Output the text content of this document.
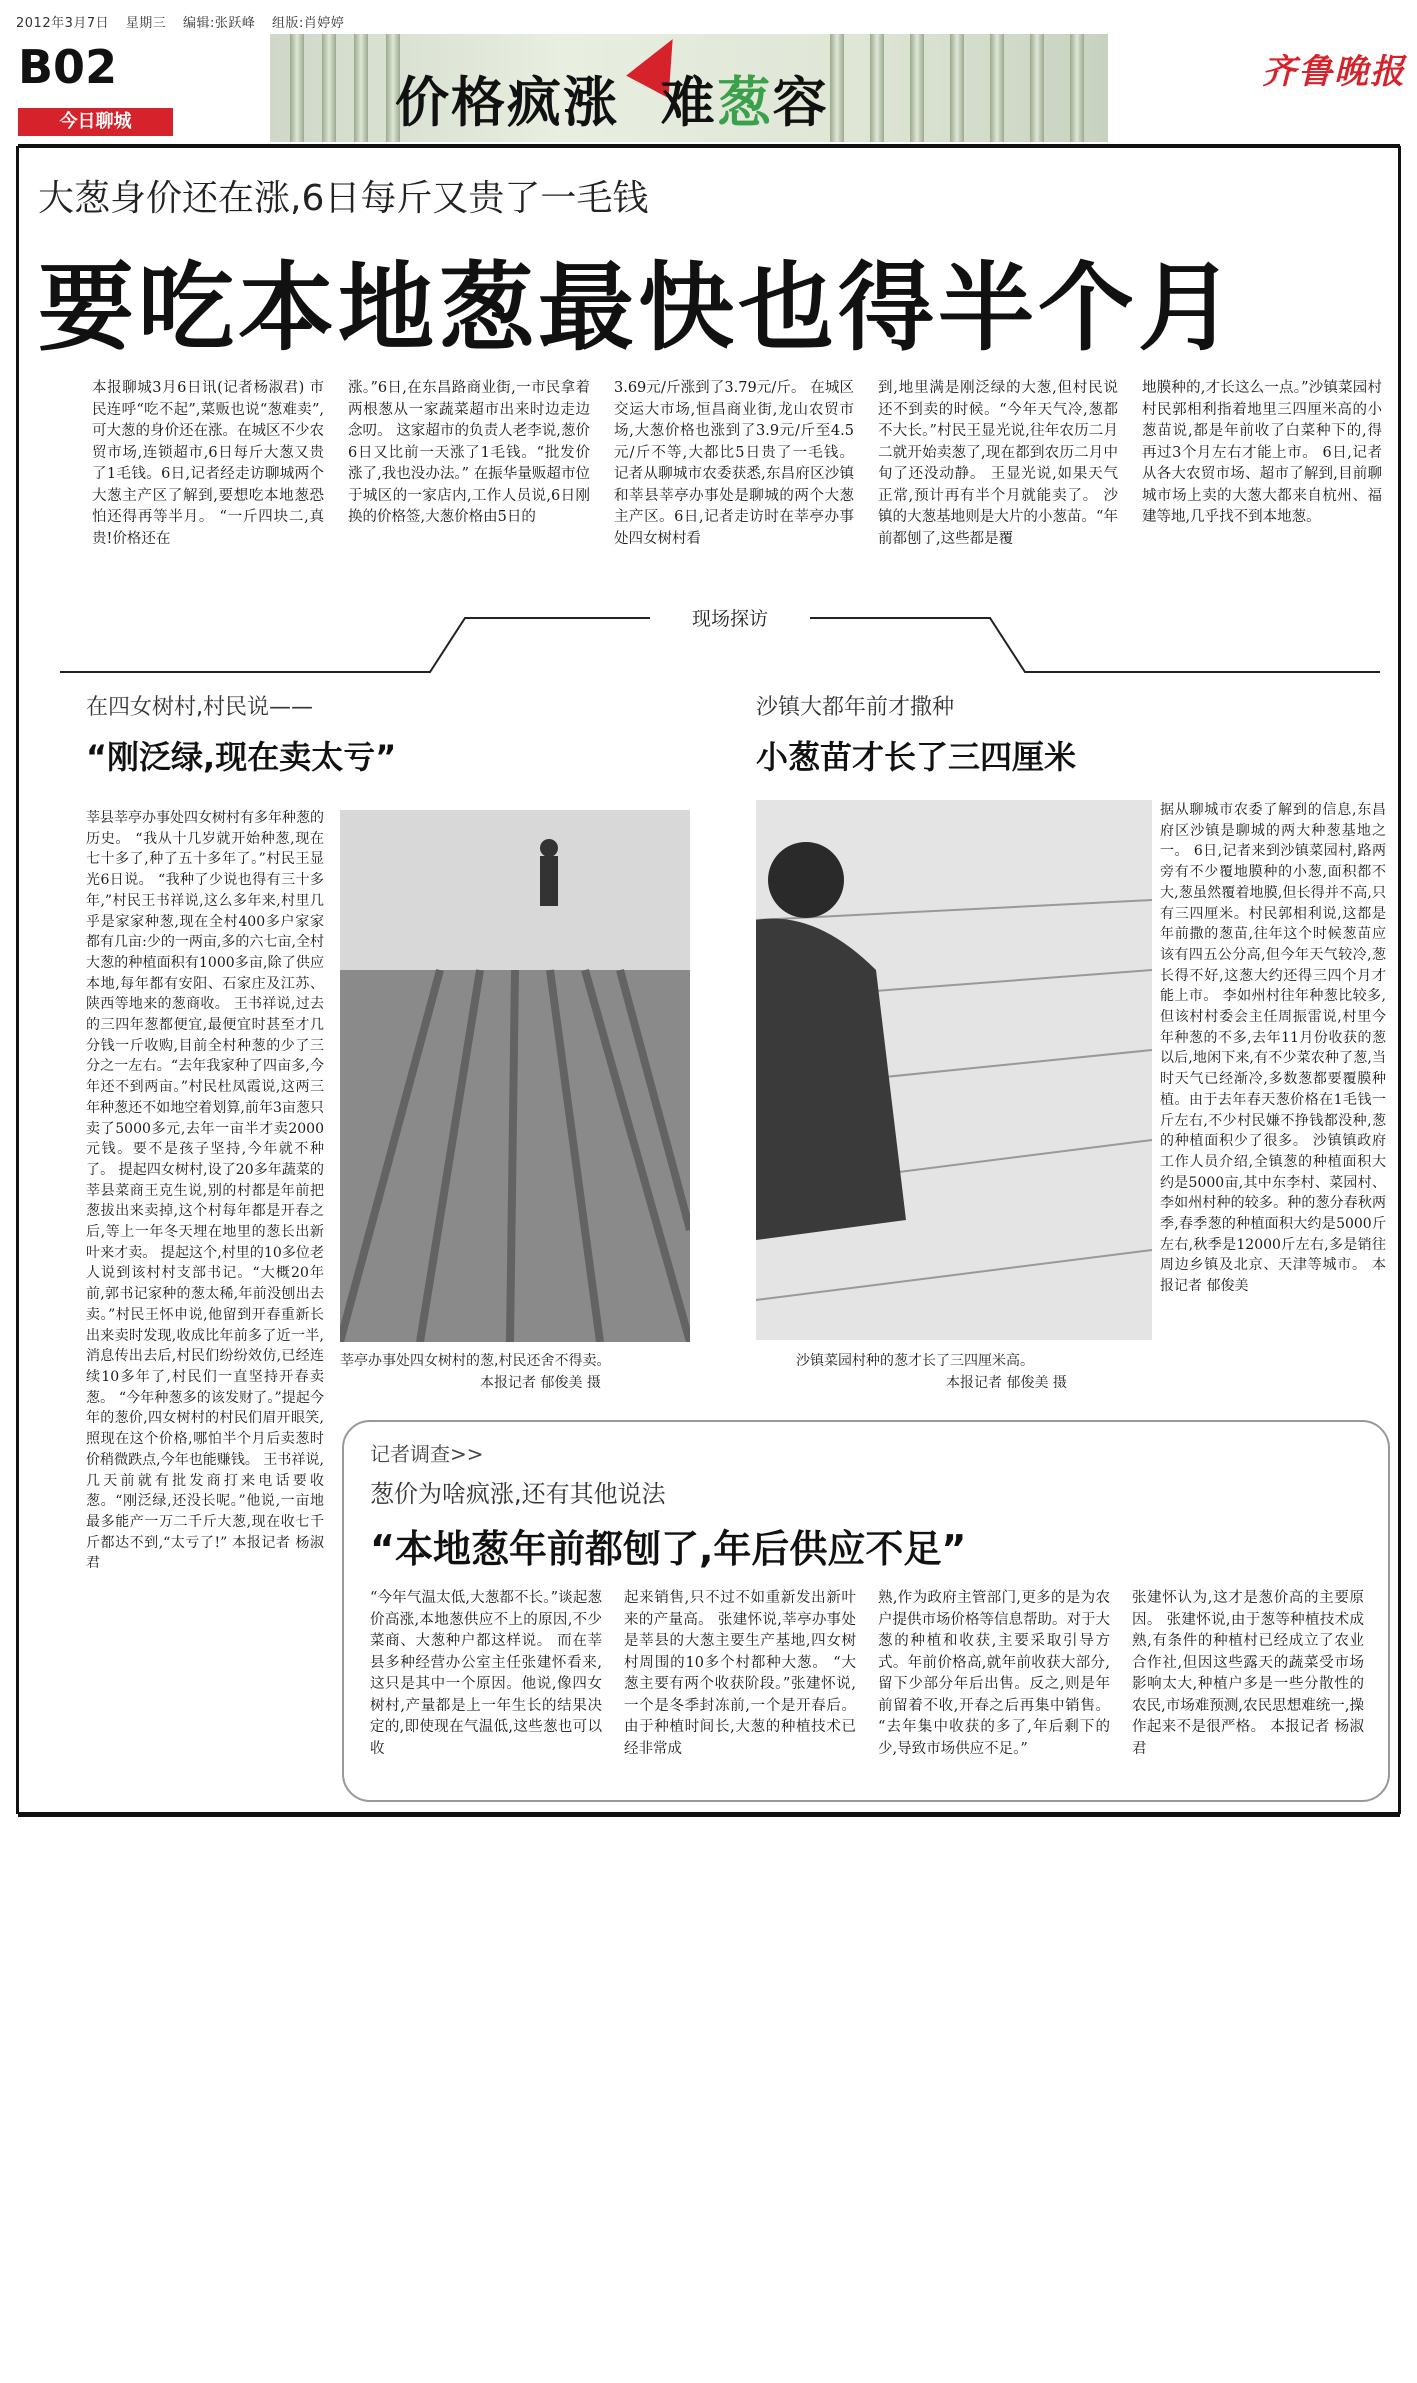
2012年3月7日 星期三 编辑:张跃峰 组版:肖婷婷
B02
今日聊城	价格疯涨 难葱容	齐鲁晚报
大葱身价还在涨,6日每斤又贵了一毛钱
要吃本地葱最快也得半个月
本报聊城3月6日讯(记者杨淑君) 市民连呼“吃不起”,菜贩也说“葱难卖”,可大葱的身价还在涨。在城区不少农贸市场,连锁超市,6日每斤大葱又贵了1毛钱。6日,记者经走访聊城两个大葱主产区了解到,要想吃本地葱恐怕还得再等半月。 “一斤四块二,真贵!价格还在
涨。”6日,在东昌路商业街,一市民拿着两根葱从一家蔬菜超市出来时边走边念叨。 这家超市的负责人老李说,葱价6日又比前一天涨了1毛钱。“批发价涨了,我也没办法。” 在振华量贩超市位于城区的一家店内,工作人员说,6日刚换的价格签,大葱价格由5日的
3.69元/斤涨到了3.79元/斤。 在城区交运大市场,恒昌商业街,龙山农贸市场,大葱价格也涨到了3.9元/斤至4.5元/斤不等,大都比5日贵了一毛钱。 记者从聊城市农委获悉,东昌府区沙镇和莘县莘亭办事处是聊城的两个大葱主产区。6日,记者走访时在莘亭办事处四女树村看
到,地里满是刚泛绿的大葱,但村民说还不到卖的时候。“今年天气冷,葱都不大长。”村民王显光说,往年农历二月二就开始卖葱了,现在都到农历二月中旬了还没动静。 王显光说,如果天气正常,预计再有半个月就能卖了。 沙镇的大葱基地则是大片的小葱苗。“年前都刨了,这些都是覆
地膜种的,才长这么一点。”沙镇菜园村村民郭相利指着地里三四厘米高的小葱苗说,都是年前收了白菜种下的,得再过3个月左右才能上市。 6日,记者从各大农贸市场、超市了解到,目前聊城市场上卖的大葱大都来自杭州、福建等地,几乎找不到本地葱。
现场探访
在四女树村,村民说——
“刚泛绿,现在卖太亏”
莘县莘亭办事处四女树村有多年种葱的历史。 “我从十几岁就开始种葱,现在七十多了,种了五十多年了。”村民王显光6日说。 “我种了少说也得有三十多年,”村民王书祥说,这么多年来,村里几乎是家家种葱,现在全村400多户家家都有几亩:少的一两亩,多的六七亩,全村大葱的种植面积有1000多亩,除了供应本地,每年都有安阳、石家庄及江苏、陕西等地来的葱商收。 王书祥说,过去的三四年葱都便宜,最便宜时甚至才几分钱一斤收购,目前全村种葱的少了三分之一左右。“去年我家种了四亩多,今年还不到两亩。”村民杜凤霞说,这两三年种葱还不如地空着划算,前年3亩葱只卖了5000多元,去年一亩半才卖2000元钱。要不是孩子坚持,今年就不种了。 提起四女树村,设了20多年蔬菜的莘县菜商王克生说,别的村都是年前把葱拔出来卖掉,这个村每年都是开春之后,等上一年冬天埋在地里的葱长出新叶来才卖。 提起这个,村里的10多位老人说到该村村支部书记。“大概20年前,郭书记家种的葱太稀,年前没刨出去卖。”村民王怀申说,他留到开春重新长出来卖时发现,收成比年前多了近一半,消息传出去后,村民们纷纷效仿,已经连续10多年了,村民们一直坚持开春卖葱。 “今年种葱多的该发财了。”提起今年的葱价,四女树村的村民们眉开眼笑,照现在这个价格,哪怕半个月后卖葱时价稍微跌点,今年也能赚钱。 王书祥说,几天前就有批发商打来电话要收葱。“刚泛绿,还没长呢。”他说,一亩地最多能产一万二千斤大葱,现在收七千斤都达不到,“太亏了!” 本报记者 杨淑君
莘亭办事处四女树村的葱,村民还舍不得卖。
本报记者 郁俊美 摄
沙镇大都年前才撒种
小葱苗才长了三四厘米
沙镇菜园村种的葱才长了三四厘米高。
本报记者 郁俊美 摄
据从聊城市农委了解到的信息,东昌府区沙镇是聊城的两大种葱基地之一。 6日,记者来到沙镇菜园村,路两旁有不少覆地膜种的小葱,面积都不大,葱虽然覆着地膜,但长得并不高,只有三四厘米。村民郭相利说,这都是年前撒的葱苗,往年这个时候葱苗应该有四五公分高,但今年天气较冷,葱长得不好,这葱大约还得三四个月才能上市。 李如州村往年种葱比较多,但该村村委会主任周振雷说,村里今年种葱的不多,去年11月份收获的葱以后,地闲下来,有不少菜农种了葱,当时天气已经渐冷,多数葱都要覆膜种植。由于去年春天葱价格在1毛钱一斤左右,不少村民嫌不挣钱都没种,葱的种植面积少了很多。 沙镇镇政府工作人员介绍,全镇葱的种植面积大约是5000亩,其中东李村、菜园村、李如州村种的较多。种的葱分春秋两季,春季葱的种植面积大约是5000斤左右,秋季是12000斤左右,多是销往周边乡镇及北京、天津等城市。 本报记者 郁俊美
记者调查>>
葱价为啥疯涨,还有其他说法
“本地葱年前都刨了,年后供应不足”
“今年气温太低,大葱都不长。”谈起葱价高涨,本地葱供应不上的原因,不少菜商、大葱种户都这样说。 而在莘县多种经营办公室主任张建怀看来,这只是其中一个原因。他说,像四女树村,产量都是上一年生长的结果决定的,即使现在气温低,这些葱也可以收
起来销售,只不过不如重新发出新叶来的产量高。 张建怀说,莘亭办事处是莘县的大葱主要生产基地,四女树村周围的10多个村都种大葱。 “大葱主要有两个收获阶段。”张建怀说,一个是冬季封冻前,一个是开春后。由于种植时间长,大葱的种植技术已经非常成
熟,作为政府主管部门,更多的是为农户提供市场价格等信息帮助。对于大葱的种植和收获,主要采取引导方式。年前价格高,就年前收获大部分,留下少部分年后出售。反之,则是年前留着不收,开春之后再集中销售。 “去年集中收获的多了,年后剩下的少,导致市场供应不足。”
张建怀认为,这才是葱价高的主要原因。 张建怀说,由于葱等种植技术成熟,有条件的种植村已经成立了农业合作社,但因这些露天的蔬菜受市场影响太大,种植户多是一些分散性的农民,市场难预测,农民思想难统一,操作起来不是很严格。 本报记者 杨淑君
